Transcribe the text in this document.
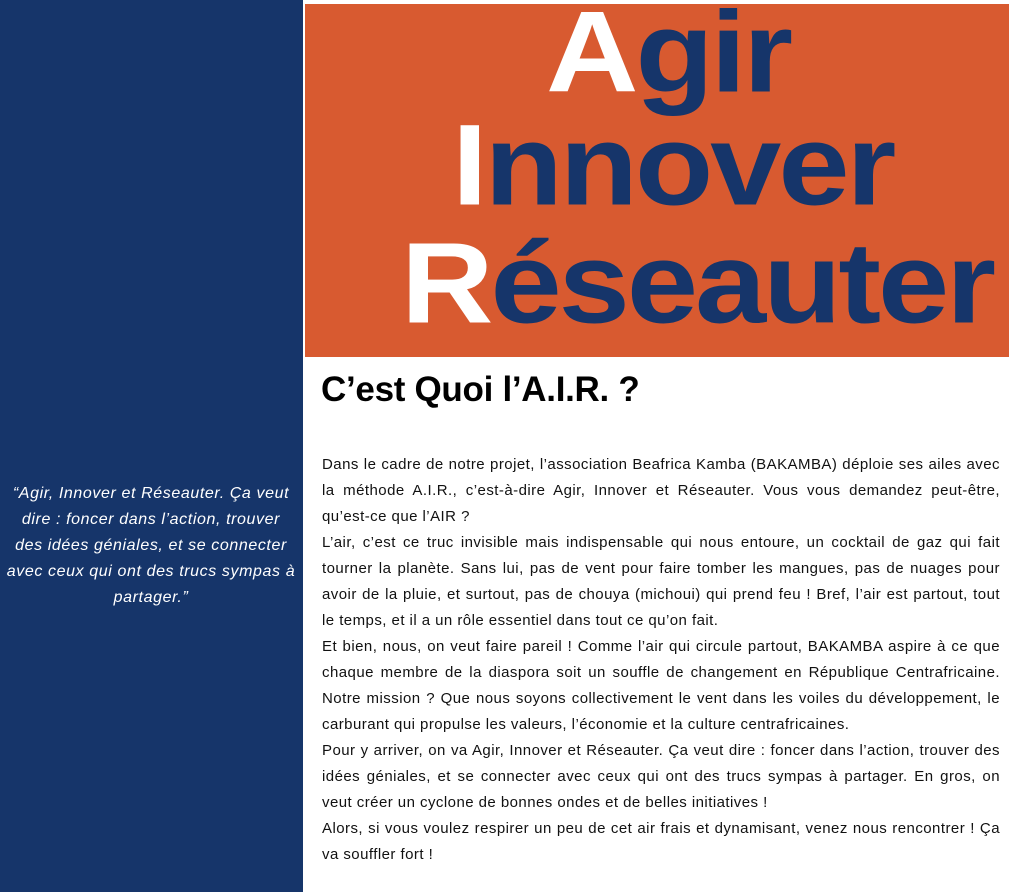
“Agir, Innover et Réseauter. Ça veut dire : foncer dans l’action, trouver des idées géniales, et se connecter avec ceux qui ont des trucs sympas à partager.”

Agir
Innover
Réseauter
C’est Quoi l’A.I.R. ?

Dans le cadre de notre projet, l’association Beafrica Kamba (BAKAMBA) déploie ses ailes avec la méthode A.I.R., c’est-à-dire Agir, Innover et Réseauter. Vous vous demandez peut-être, qu’est-ce que l’AIR ?

L’air, c’est ce truc invisible mais indispensable qui nous entoure, un cocktail de gaz qui fait tourner la planète. Sans lui, pas de vent pour faire tomber les mangues, pas de nuages pour avoir de la pluie, et surtout, pas de chouya (michoui) qui prend feu ! Bref, l’air est partout, tout le temps, et il a un rôle essentiel dans tout ce qu’on fait.

Et bien, nous, on veut faire pareil ! Comme l’air qui circule partout, BAKAMBA aspire à ce que chaque membre de la diaspora soit un souffle de changement en République Centrafricaine. Notre mission ? Que nous soyons collectivement le vent dans les voiles du développement, le carburant qui propulse les valeurs, l’économie et la culture centrafricaines.

Pour y arriver, on va Agir, Innover et Réseauter. Ça veut dire : foncer dans l’action, trouver des idées géniales, et se connecter avec ceux qui ont des trucs sympas à partager. En gros, on veut créer un cyclone de bonnes ondes et de belles initiatives !

Alors, si vous voulez respirer un peu de cet air frais et dynamisant, venez nous rencontrer ! Ça va souffler fort !
